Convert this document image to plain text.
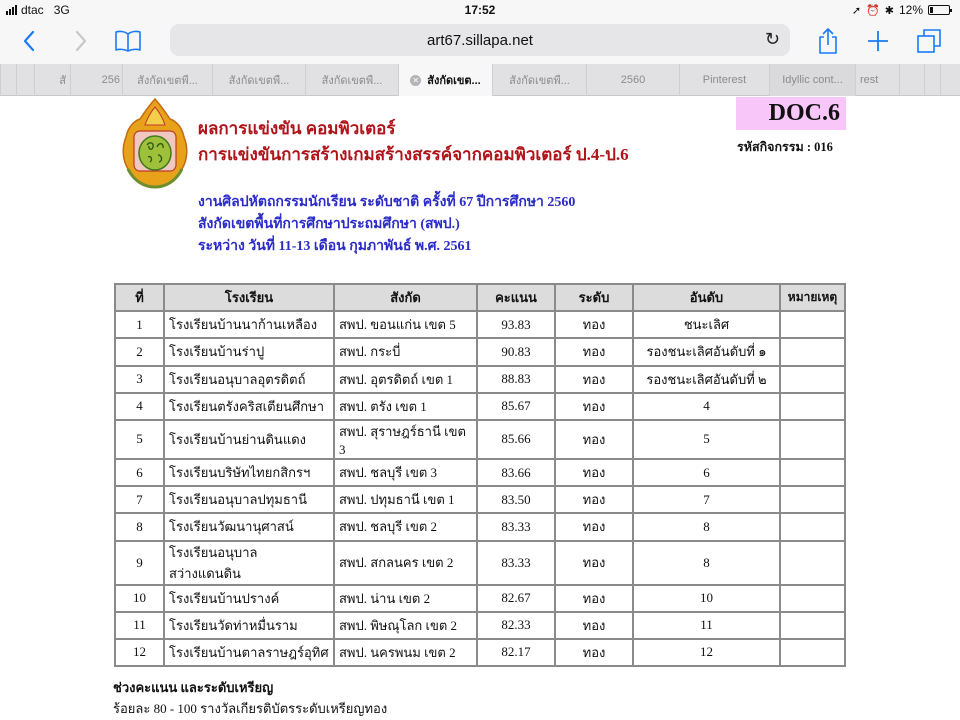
dtac 3G	17:52	➚ ⏰ ✱ 12%
art67.sillapa.net	↻
สั	256 สังกัดเขตพื...	สังกัดเขตพื...	สังกัดเขตพื...	✕ สังกัดเขต...	สังกัดเขตพื...	2560	Pinterest	Idyllic cont... rest
ผลการแข่งขัน คอมพิวเตอร์
การแข่งขันการสร้างเกมสร้างสรรค์จากคอมพิวเตอร์ ป.4-ป.6
งานศิลปหัตถกรรมนักเรียน ระดับชาติ ครั้งที่ 67 ปีการศึกษา 2560
สังกัดเขตพื้นที่การศึกษาประถมศึกษา (สพป.)
ระหว่าง วันที่ 11-13 เดือน กุมภาพันธ์ พ.ศ. 2561
DOC.6
รหัสกิจกรรม : 016
ที่	โรงเรียน	สังกัด	คะแนน	ระดับ	อันดับ	หมายเหตุ
1	โรงเรียนบ้านนาก้านเหลือง	สพป. ขอนแก่น เขต 5	93.83	ทอง	ชนะเลิศ	
2	โรงเรียนบ้านร่าปู	สพป. กระบี่	90.83	ทอง	รองชนะเลิศอันดับที่ ๑	
3	โรงเรียนอนุบาลอุตรดิตถ์	สพป. อุตรดิตถ์ เขต 1	88.83	ทอง	รองชนะเลิศอันดับที่ ๒	
4	โรงเรียนตรังคริสเตียนศึกษา	สพป. ตรัง เขต 1	85.67	ทอง	4	
5	โรงเรียนบ้านย่านดินแดง	สพป. สุราษฎร์ธานี เขต 3	85.66	ทอง	5	
6	โรงเรียนบริษัทไทยกสิกรฯ	สพป. ชลบุรี เขต 3	83.66	ทอง	6	
7	โรงเรียนอนุบาลปทุมธานี	สพป. ปทุมธานี เขต 1	83.50	ทอง	7	
8	โรงเรียนวัฒนานุศาสน์	สพป. ชลบุรี เขต 2	83.33	ทอง	8	
9	โรงเรียนอนุบาลสว่างแดนดิน	สพป. สกลนคร เขต 2	83.33	ทอง	8	
10	โรงเรียนบ้านปรางค์	สพป. น่าน เขต 2	82.67	ทอง	10	
11	โรงเรียนวัดท่าหมื่นราม	สพป. พิษณุโลก เขต 2	82.33	ทอง	11	
12	โรงเรียนบ้านตาลราษฎร์อุทิศ	สพป. นครพนม เขต 2	82.17	ทอง	12	
ช่วงคะแนน และระดับเหรียญ
ร้อยละ 80 - 100 รางวัลเกียรติบัตรระดับเหรียญทอง
